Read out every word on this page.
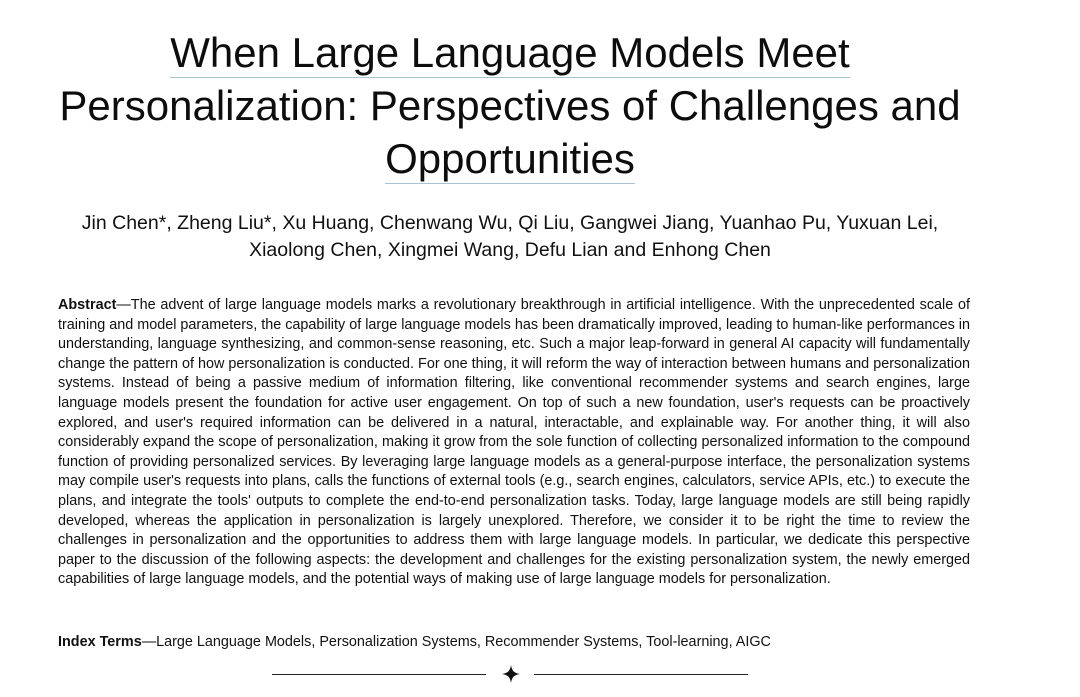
When Large Language Models Meet
Personalization: Perspectives of Challenges and
Opportunities
Jin Chen*, Zheng Liu*, Xu Huang, Chenwang Wu, Qi Liu, Gangwei Jiang, Yuanhao Pu, Yuxuan Lei,
Xiaolong Chen, Xingmei Wang, Defu Lian and Enhong Chen
Abstract—The advent of large language models marks a revolutionary breakthrough in artificial intelligence. With the unprecedented scale of training and model parameters, the capability of large language models has been dramatically improved, leading to human-like performances in understanding, language synthesizing, and common-sense reasoning, etc. Such a major leap-forward in general AI capacity will fundamentally change the pattern of how personalization is conducted. For one thing, it will reform the way of interaction between humans and personalization systems. Instead of being a passive medium of information filtering, like conventional recommender systems and search engines, large language models present the foundation for active user engagement. On top of such a new foundation, user's requests can be proactively explored, and user's required information can be delivered in a natural, interactable, and explainable way. For another thing, it will also considerably expand the scope of personalization, making it grow from the sole function of collecting personalized information to the compound function of providing personalized services. By leveraging large language models as a general-purpose interface, the personalization systems may compile user's requests into plans, calls the functions of external tools (e.g., search engines, calculators, service APIs, etc.) to execute the plans, and integrate the tools' outputs to complete the end-to-end personalization tasks. Today, large language models are still being rapidly developed, whereas the application in personalization is largely unexplored. Therefore, we consider it to be right the time to review the challenges in personalization and the opportunities to address them with large language models. In particular, we dedicate this perspective paper to the discussion of the following aspects: the development and challenges for the existing personalization system, the newly emerged capabilities of large language models, and the potential ways of making use of large language models for personalization.
Index Terms—Large Language Models, Personalization Systems, Recommender Systems, Tool-learning, AIGC
